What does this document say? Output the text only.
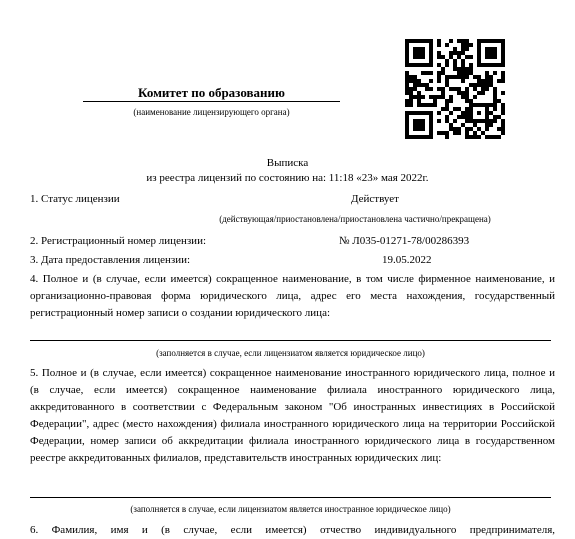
Комитет по образованию
(наименование лицензирующего органа)
Выписка
из реестра лицензий по состоянию на: 11:18 «23» мая 2022г.
1. Статус лицензии	Действует
(действующая/приостановлена/приостановлена частично/прекращена)
2. Регистрационный номер лицензии:	№ Л035-01271-78/00286393
3. Дата предоставления лицензии:	19.05.2022
4. Полное и (в случае, если имеется) сокращенное наименование, в том числе фирменное наименование, и организационно-правовая форма юридического лица, адрес его места нахождения, государственный регистрационный номер записи о создании юридического лица:
(заполняется в случае, если лицензиатом является юридическое лицо)
5. Полное и (в случае, если имеется) сокращенное наименование иностранного юридического лица, полное и (в случае, если имеется) сокращенное наименование филиала иностранного юридического лица, аккредитованного в соответствии с Федеральным законом "Об иностранных инвестициях в Российской Федерации", адрес (место нахождения) филиала иностранного юридического лица на территории Российской Федерации, номер записи об аккредитации филиала иностранного юридического лица в государственном реестре аккредитованных филиалов, представительств иностранных юридических лиц:
(заполняется в случае, если лицензиатом является иностранное юридическое лицо)
6. Фамилия, имя и (в случае, если имеется) отчество индивидуального предпринимателя,
